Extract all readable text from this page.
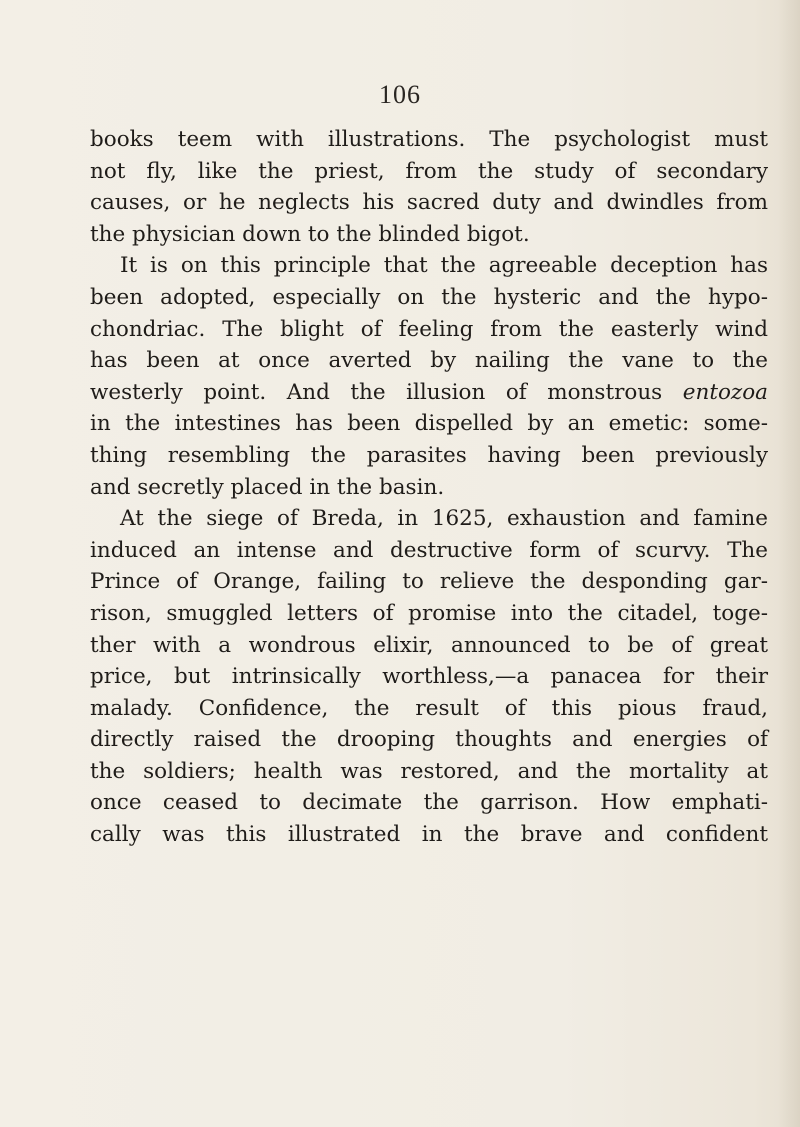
106
books teem with illustrations. The psychologist must
not fly, like the priest, from the study of secondary
causes, or he neglects his sacred duty and dwindles from
the physician down to the blinded bigot.
It is on this principle that the agreeable deception has
been adopted, especially on the hysteric and the hypo-
chondriac. The blight of feeling from the easterly wind
has been at once averted by nailing the vane to the
westerly point. And the illusion of monstrous entozoa
in the intestines has been dispelled by an emetic: some-
thing resembling the parasites having been previously
and secretly placed in the basin.
At the siege of Breda, in 1625, exhaustion and famine
induced an intense and destructive form of scurvy. The
Prince of Orange, failing to relieve the desponding gar-
rison, smuggled letters of promise into the citadel, toge-
ther with a wondrous elixir, announced to be of great
price, but intrinsically worthless,—a panacea for their
malady. Confidence, the result of this pious fraud,
directly raised the drooping thoughts and energies of
the soldiers; health was restored, and the mortality at
once ceased to decimate the garrison. How emphati-
cally was this illustrated in the brave and confident
